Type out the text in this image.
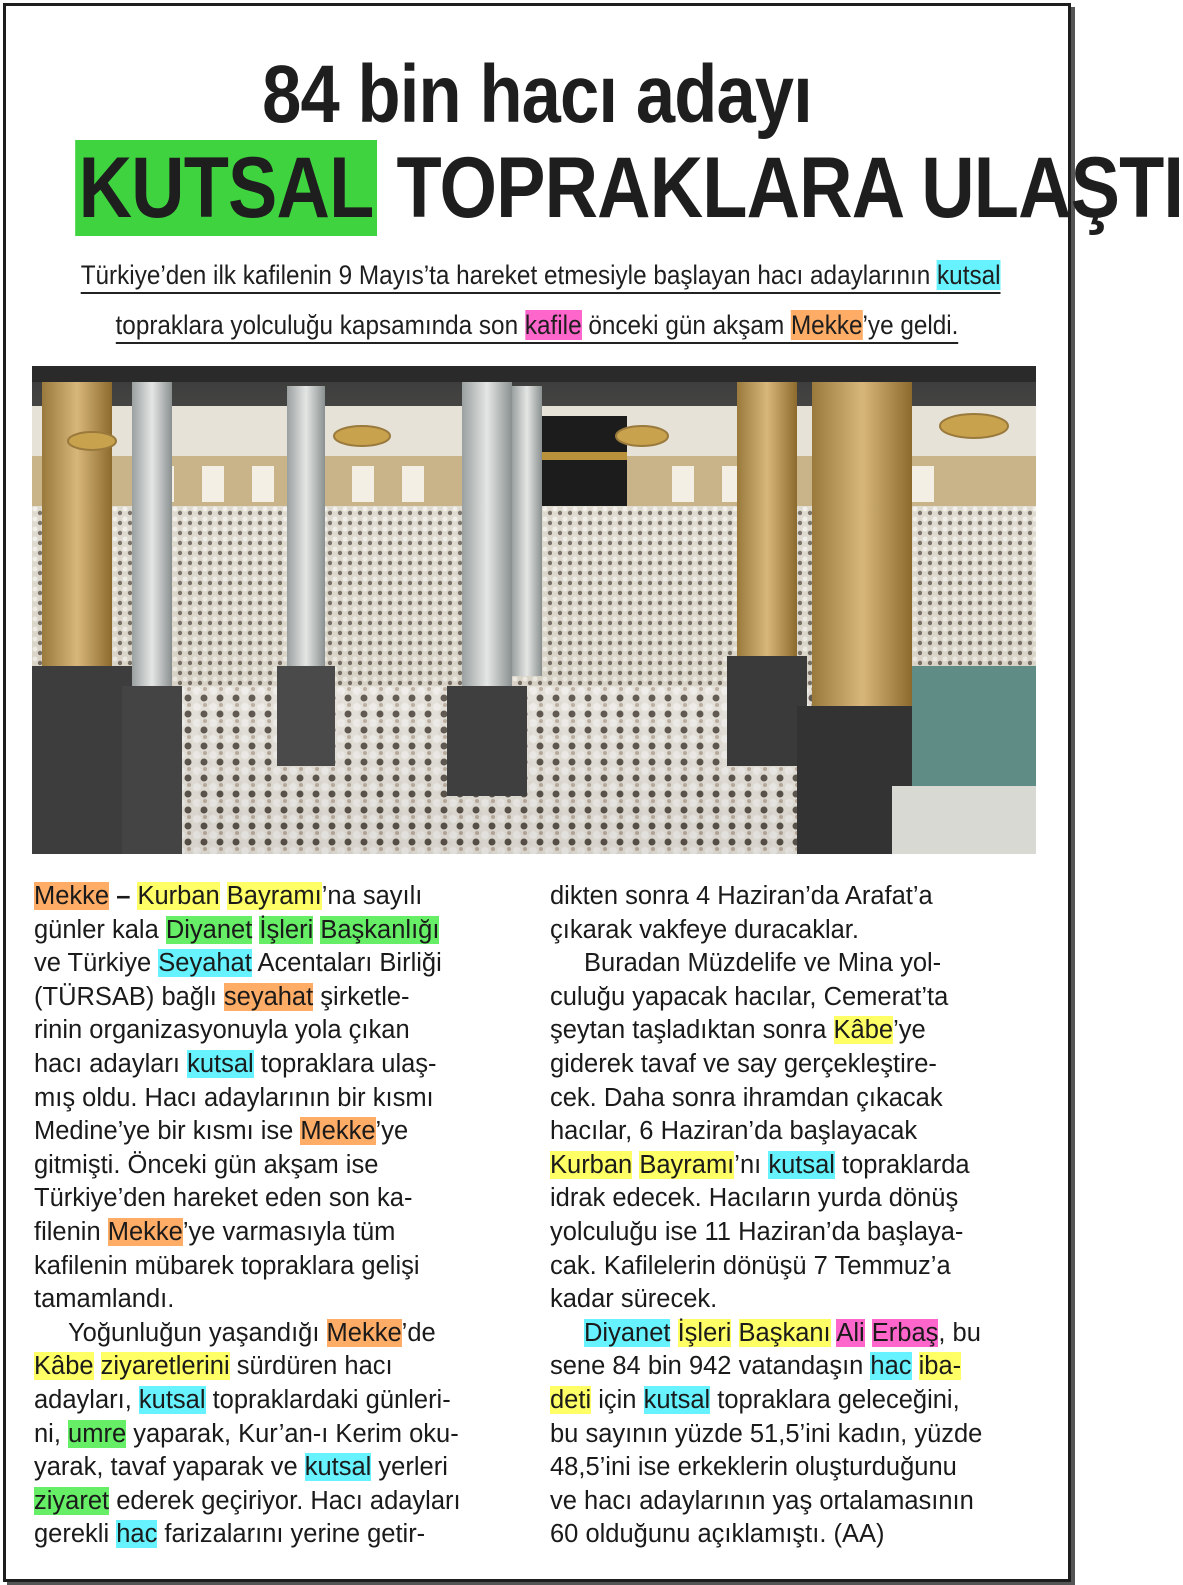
84 bin hacı adayı
KUTSAL TOPRAKLARA ULAŞTI
Türkiye’den ilk kafilenin 9 Mayıs’ta hareket etmesiyle başlayan hacı adaylarının kutsal
topraklara yolculuğu kapsamında son kafile önceki gün akşam Mekke’ye geldi.

Mekke – Kurban Bayramı’na sayılı

günler kala Diyanet İşleri Başkanlığı

ve Türkiye Seyahat Acentaları Birliği

(TÜRSAB) bağlı seyahat şirketle-

rinin organizasyonuyla yola çıkan

hacı adayları kutsal topraklara ulaş-

mış oldu. Hacı adaylarının bir kısmı

Medine’ye bir kısmı ise Mekke’ye

gitmişti. Önceki gün akşam ise

Türkiye’den hareket eden son ka-

filenin Mekke’ye varmasıyla tüm

kafilenin mübarek topraklara gelişi

tamamlandı.

Yoğunluğun yaşandığı Mekke’de

Kâbe ziyaretlerini sürdüren hacı

adayları, kutsal topraklardaki günleri-

ni, umre yaparak, Kur’an-ı Kerim oku-

yarak, tavaf yaparak ve kutsal yerleri

ziyaret ederek geçiriyor. Hacı adayları

gerekli hac farizalarını yerine getir-

dikten sonra 4 Haziran’da Arafat’a

çıkarak vakfeye duracaklar.

Buradan Müzdelife ve Mina yol-

culuğu yapacak hacılar, Cemerat’ta

şeytan taşladıktan sonra Kâbe’ye

giderek tavaf ve say gerçekleştire-

cek. Daha sonra ihramdan çıkacak

hacılar, 6 Haziran’da başlayacak

Kurban Bayramı’nı kutsal topraklarda

idrak edecek. Hacıların yurda dönüş

yolculuğu ise 11 Haziran’da başlaya-

cak. Kafilelerin dönüşü 7 Temmuz’a

kadar sürecek.

Diyanet İşleri Başkanı Ali Erbaş, bu

sene 84 bin 942 vatandaşın hac iba-

deti için kutsal topraklara geleceğini,

bu sayının yüzde 51,5’ini kadın, yüzde

48,5’ini ise erkeklerin oluşturduğunu

ve hacı adaylarının yaş ortalamasının

60 olduğunu açıklamıştı. (AA)
